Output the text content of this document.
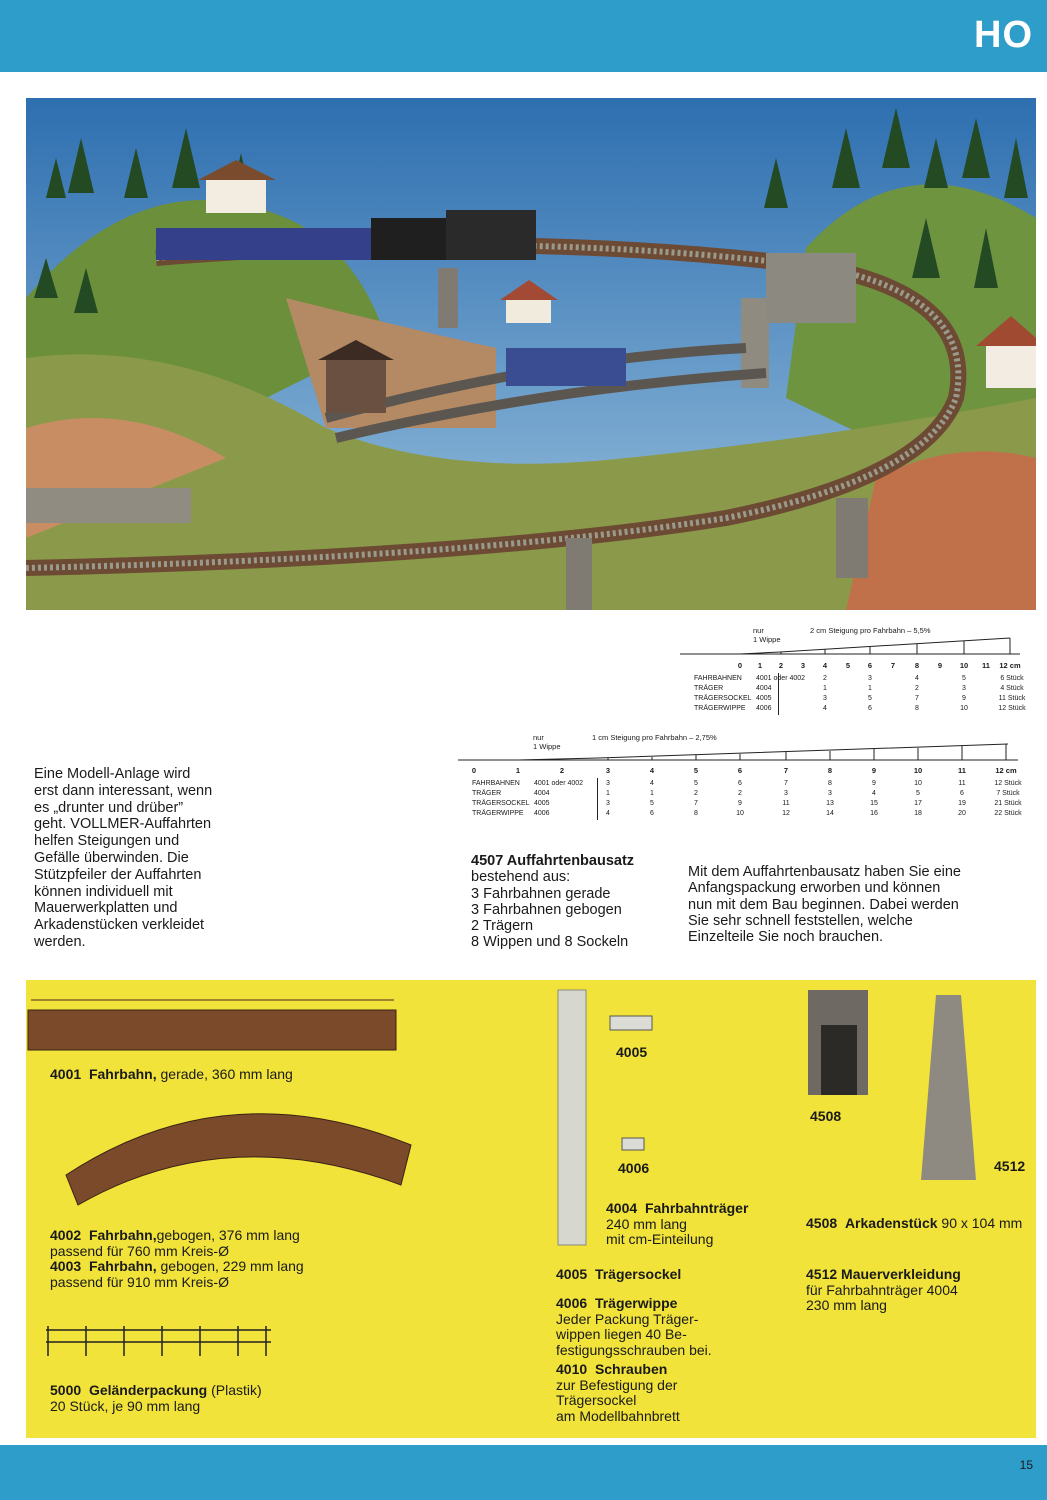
HO
nur
1 Wippe
2 cm Steigung pro Fahrbahn – 5,5%
0 1 2 3 4	5 6	7	8	9 10 11 12 cm
FAHRBAHNEN 4001 oder 4002	2	3	4	5	6 Stück
TRÄGER	4004	1	1	2	3	4 Stück
TRÄGERSOCKEL 4005	3	5	7	9	11 Stück
TRÄGERWIPPE 4006	4	6	8	10	12 Stück
nur
1 Wippe
1 cm Steigung pro Fahrbahn – 2,75%
0	1	2	3	4	5	6	7	8	9	10	11	12 cm
FAHRBAHNEN 4001 oder 4002	3	4	5	6	7	8	9	10	11	12 Stück
TRÄGER	4004	1	1	2	2	3	3	4	5	6	7 Stück
TRÄGERSOCKEL 4005	3	5	7	9	11	13	15	17	19	21 Stück
TRÄGERWIPPE 4006	4	6	8	10	12	14	16	18	20	22 Stück
Eine Modell-Anlage wird
erst dann interessant, wenn
es „drunter und drüber”
geht. VOLLMER-Auffahrten
helfen Steigungen und
Gefälle überwinden. Die
Stützpfeiler der Auffahrten
können individuell mit
Mauerwerkplatten und
Arkadenstücken verkleidet
werden.
4507 Auffahrtenbausatz
bestehend aus:
3 Fahrbahnen gerade
3 Fahrbahnen gebogen
2 Trägern
8 Wippen und 8 Sockeln
Mit dem Auffahrtenbausatz haben Sie eine
Anfangspackung erworben und können
nun mit dem Bau beginnen. Dabei werden
Sie sehr schnell feststellen, welche
Einzelteile Sie noch brauchen.
4001 Fahrbahn, gerade, 360 mm lang
4002 Fahrbahn,gebogen, 376 mm lang
passend für 760 mm Kreis-Ø
4003 Fahrbahn, gebogen, 229 mm lang
passend für 910 mm Kreis-Ø
5000 Geländerpackung (Plastik)
20 Stück, je 90 mm lang
4005
4006
4004 Fahrbahnträger
240 mm lang
mit cm-Einteilung
4005 Trägersockel
4006 Trägerwippe
Jeder Packung Träger-
wippen liegen 40 Be-
festigungsschrauben bei.
4010 Schrauben
zur Befestigung der
Trägersockel
am Modellbahnbrett
4508
4512
4508 Arkadenstück 90 x 104 mm
4512 Mauerverkleidung
für Fahrbahnträger 4004
230 mm lang
15
